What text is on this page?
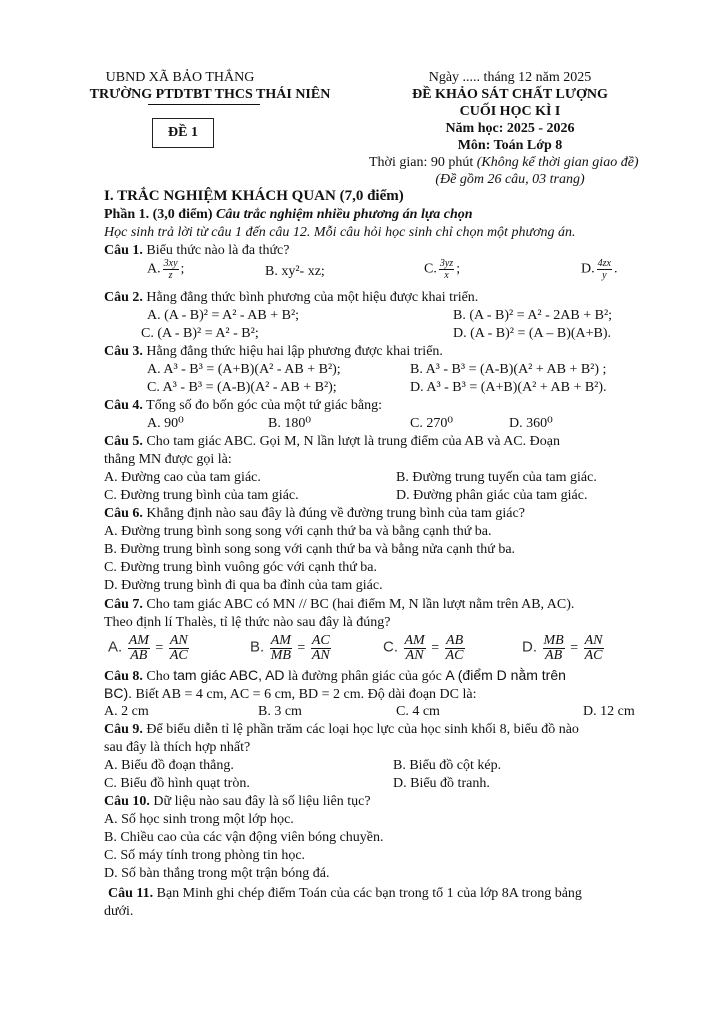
UBND XÃ BẢO THẮNG
TRƯỜNG PTDTBT THCS THÁI NIÊN
Ngày ..... tháng 12 năm 2025
ĐỀ KHẢO SÁT CHẤT LƯỢNG
CUỐI HỌC KÌ I
Năm học: 2025 - 2026
Môn: Toán Lớp 8
Thời gian: 90 phút (Không kể thời gian giao đề)
(Đề gồm 26 câu, 03 trang)
ĐỀ 1
I. TRẮC NGHIỆM KHÁCH QUAN (7,0 điểm)
Phần 1. (3,0 điểm) Câu trắc nghiệm nhiều phương án lựa chọn
Học sinh trả lời từ câu 1 đến câu 12. Mỗi câu hỏi học sinh chỉ chọn một phương án.
Câu 1. Biểu thức nào là đa thức?
A. $\frac{3xy}{z}$ ;	B. xy²- xz;	C. $\frac{3yz}{x}$ ;	D. $\frac{4zx}{y}$ .
Câu 2. Hằng đẳng thức bình phương của một hiệu được khai triển.
A. (A - B)² = A² - AB + B²;	B. (A - B)² = A² - 2AB + B²;
C. (A - B)² = A² - B²;	D. (A - B)² = (A – B)(A+B).
Câu 3. Hằng đẳng thức hiệu hai lập phương được khai triển.
A. A³ - B³ = (A+B)(A² - AB + B²);	B. A³ - B³ = (A-B)(A² + AB + B²) ;
C. A³ - B³ = (A-B)(A² - AB + B²);	D. A³ - B³ = (A+B)(A² + AB + B²).
Câu 4. Tổng số đo bốn góc của một tứ giác bằng:
A. 90⁰	B. 180⁰	C. 270⁰	D. 360⁰
Câu 5. Cho tam giác ABC. Gọi M, N lần lượt là trung điểm của AB và AC. Đoạn
thẳng MN được gọi là:
A. Đường cao của tam giác.	B. Đường trung tuyến của tam giác.
C. Đường trung bình của tam giác.	D. Đường phân giác của tam giác.
Câu 6. Khẳng định nào sau đây là đúng về đường trung bình của tam giác?
A. Đường trung bình song song với cạnh thứ ba và bằng cạnh thứ ba.
B. Đường trung bình song song với cạnh thứ ba và bằng nửa cạnh thứ ba.
C. Đường trung bình vuông góc với cạnh thứ ba.
D. Đường trung bình đi qua ba đỉnh của tam giác.
Câu 7. Cho tam giác ABC có MN // BC (hai điểm M, N lần lượt nằm trên AB, AC).
Theo định lí Thalès, tỉ lệ thức nào sau đây là đúng?
A. $\frac{AM}{AB} = \frac{AN}{AC}$	B. $\frac{AM}{MB} = \frac{AC}{AN}$	C. $\frac{AM}{AN} = \frac{AB}{AC}$	D. $\frac{MB}{AB} = \frac{AN}{AC}$
Câu 8. Cho tam giác ABC, AD là đường phân giác của góc A (điểm D nằm trên
BC). Biết AB = 4 cm, AC = 6 cm, BD = 2 cm. Độ dài đoạn DC là:
A. 2 cm	B. 3 cm	C. 4 cm	D. 12 cm
Câu 9. Để biểu diễn tỉ lệ phần trăm các loại học lực của học sinh khối 8, biểu đồ nào
sau đây là thích hợp nhất?
A. Biểu đồ đoạn thẳng.	B. Biểu đồ cột kép.
C. Biểu đồ hình quạt tròn.	D. Biểu đồ tranh.
Câu 10. Dữ liệu nào sau đây là số liệu liên tục?
A. Số học sinh trong một lớp học.
B. Chiều cao của các vận động viên bóng chuyền.
C. Số máy tính trong phòng tin học.
D. Số bàn thắng trong một trận bóng đá.
Câu 11. Bạn Minh ghi chép điểm Toán của các bạn trong tổ 1 của lớp 8A trong bảng
dưới.
